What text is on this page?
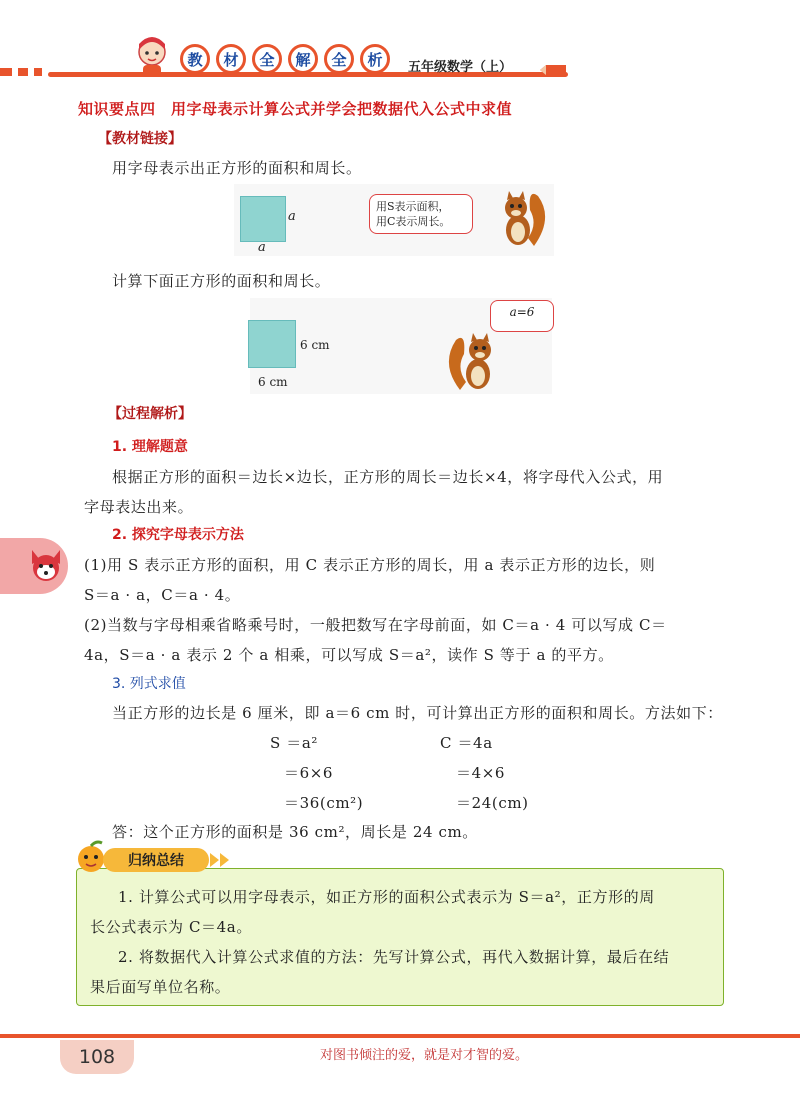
教	材	全	解	全	析	五年级数学（上）
知识要点四　用字母表示计算公式并学会把数据代入公式中求值
【教材链接】
用字母表示出正方形的面积和周长。
a
a
用S表示面积，
用C表示周长。
计算下面正方形的面积和周长。
6 cm
6 cm
a=6
【过程解析】
1. 理解题意
根据正方形的面积＝边长×边长，正方形的周长＝边长×4，将字母代入公式，用
字母表达出来。
2. 探究字母表示方法
(1)用 S 表示正方形的面积，用 C 表示正方形的周长，用 a 表示正方形的边长，则
S＝a · a，C＝a · 4。
(2)当数与字母相乘省略乘号时，一般把数写在字母前面，如 C＝a · 4 可以写成 C＝
4a，S＝a · a 表示 2 个 a 相乘，可以写成 S＝a²，读作 S 等于 a 的平方。
3. 列式求值
当正方形的边长是 6 厘米，即 a＝6 cm 时，可计算出正方形的面积和周长。方法如下：
S ＝a²
＝6×6
＝36(cm²)
C ＝4a
＝4×6
＝24(cm)
答：这个正方形的面积是 36 cm²，周长是 24 cm。
归纳总结
1. 计算公式可以用字母表示，如正方形的面积公式表示为 S＝a²，正方形的周
长公式表示为 C＝4a。
2. 将数据代入计算公式求值的方法：先写计算公式，再代入数据计算，最后在结
果后面写单位名称。
108	对图书倾注的爱，就是对才智的爱。
